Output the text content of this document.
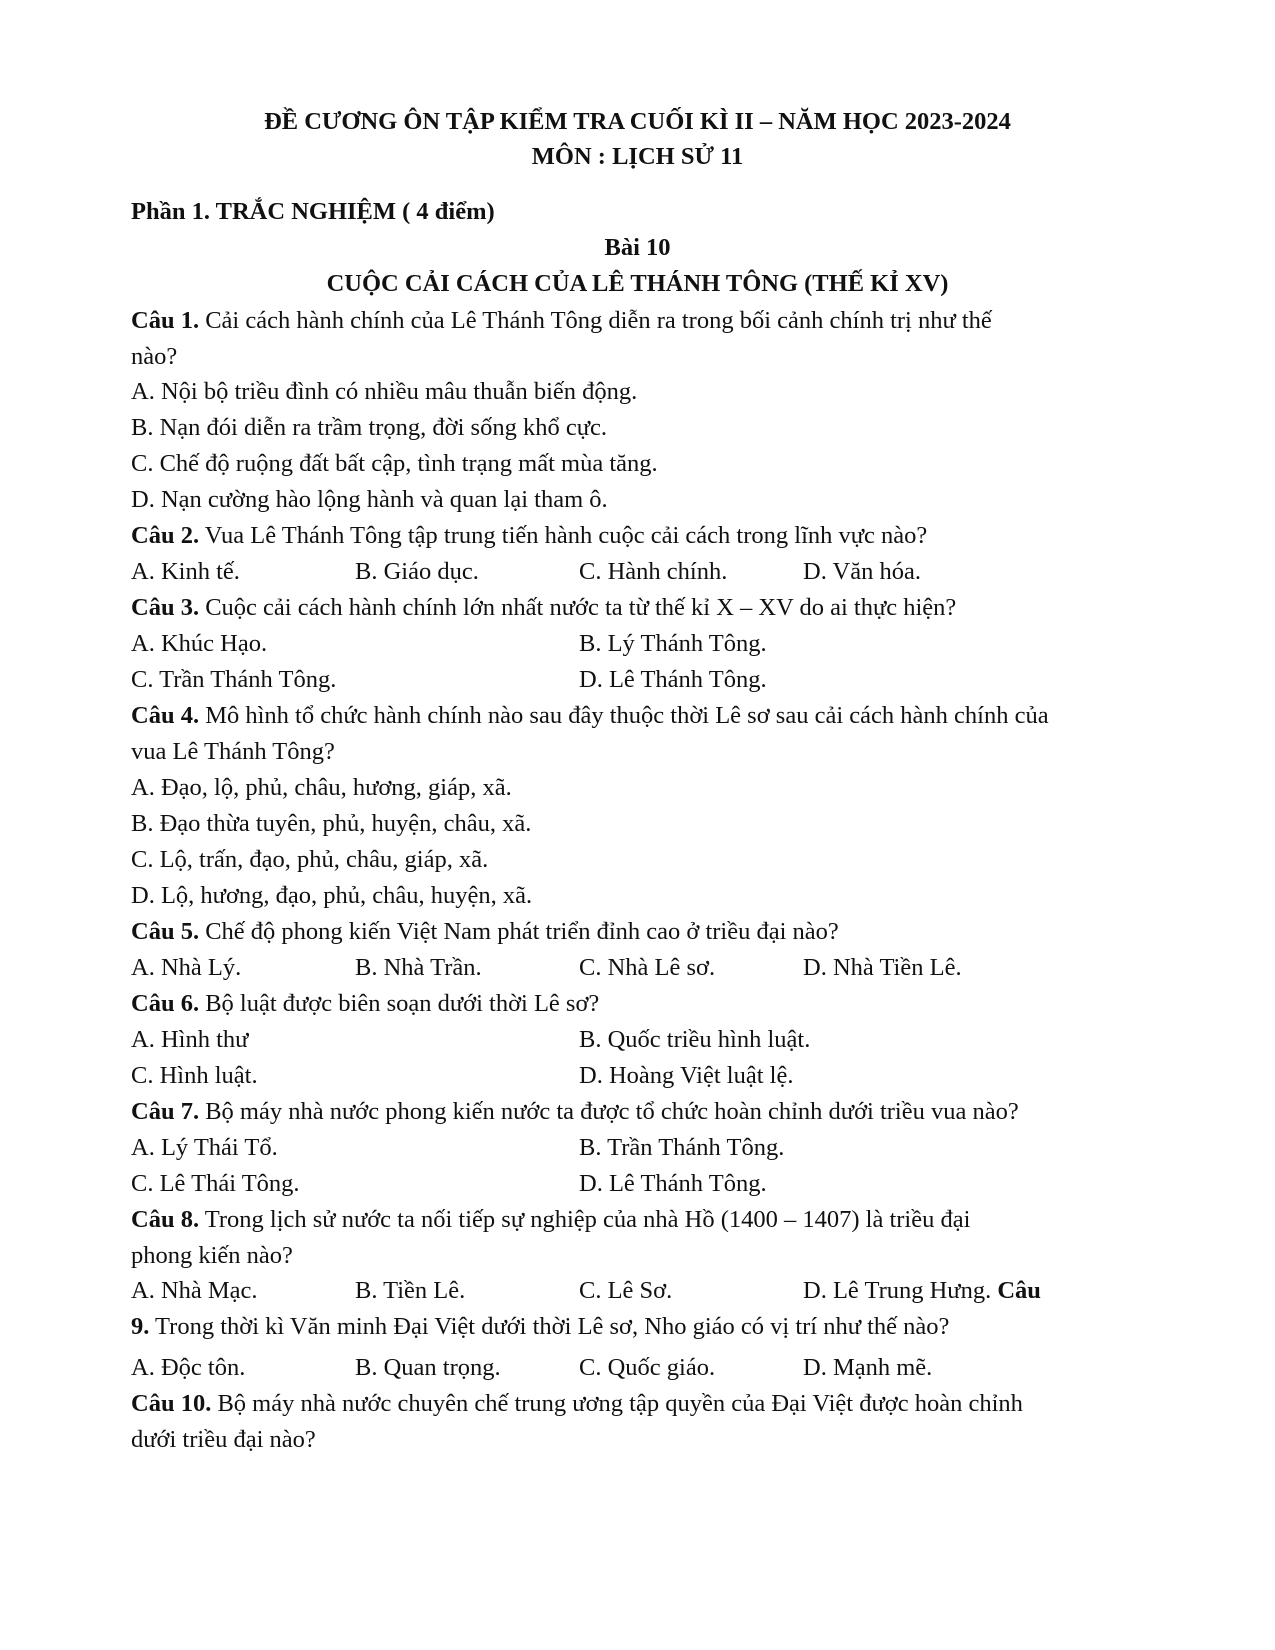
ĐỀ CƯƠNG ÔN TẬP KIỂM TRA CUỐI KÌ II – NĂM HỌC 2023-2024
MÔN : LỊCH SỬ 11
Phần 1. TRẮC NGHIỆM ( 4 điểm)
Bài 10
CUỘC CẢI CÁCH CỦA LÊ THÁNH TÔNG (THẾ KỈ XV)
Câu 1. Cải cách hành chính của Lê Thánh Tông diễn ra trong bối cảnh chính trị như thế
nào?
A. Nội bộ triều đình có nhiều mâu thuẫn biến động.
B. Nạn đói diễn ra trầm trọng, đời sống khổ cực.
C. Chế độ ruộng đất bất cập, tình trạng mất mùa tăng.
D. Nạn cường hào lộng hành và quan lại tham ô.
Câu 2. Vua Lê Thánh Tông tập trung tiến hành cuộc cải cách trong lĩnh vực nào?
A. Kinh tế.	B. Giáo dục.	C. Hành chính.	D. Văn hóa.
Câu 3. Cuộc cải cách hành chính lớn nhất nước ta từ thế kỉ X – XV do ai thực hiện?
A. Khúc Hạo.	B. Lý Thánh Tông.
C. Trần Thánh Tông.	D. Lê Thánh Tông.
Câu 4. Mô hình tổ chức hành chính nào sau đây thuộc thời Lê sơ sau cải cách hành chính của
vua Lê Thánh Tông?
A. Đạo, lộ, phủ, châu, hương, giáp, xã.
B. Đạo thừa tuyên, phủ, huyện, châu, xã.
C. Lộ, trấn, đạo, phủ, châu, giáp, xã.
D. Lộ, hương, đạo, phủ, châu, huyện, xã.
Câu 5. Chế độ phong kiến Việt Nam phát triển đỉnh cao ở triều đại nào?
A. Nhà Lý.	B. Nhà Trần.	C. Nhà Lê sơ.	D. Nhà Tiền Lê.
Câu 6. Bộ luật được biên soạn dưới thời Lê sơ?
A. Hình thư	B. Quốc triều hình luật.
C. Hình luật.	D. Hoàng Việt luật lệ.
Câu 7. Bộ máy nhà nước phong kiến nước ta được tổ chức hoàn chỉnh dưới triều vua nào?
A. Lý Thái Tổ.	B. Trần Thánh Tông.
C. Lê Thái Tông.	D. Lê Thánh Tông.
Câu 8. Trong lịch sử nước ta nối tiếp sự nghiệp của nhà Hồ (1400 – 1407) là triều đại
phong kiến nào?
A. Nhà Mạc.	B. Tiền Lê.	C. Lê Sơ.	D. Lê Trung Hưng. Câu
9. Trong thời kì Văn minh Đại Việt dưới thời Lê sơ, Nho giáo có vị trí như thế nào?
A. Độc tôn.	B. Quan trọng.	C. Quốc giáo.	D. Mạnh mẽ.
Câu 10. Bộ máy nhà nước chuyên chế trung ương tập quyền của Đại Việt được hoàn chỉnh
dưới triều đại nào?
